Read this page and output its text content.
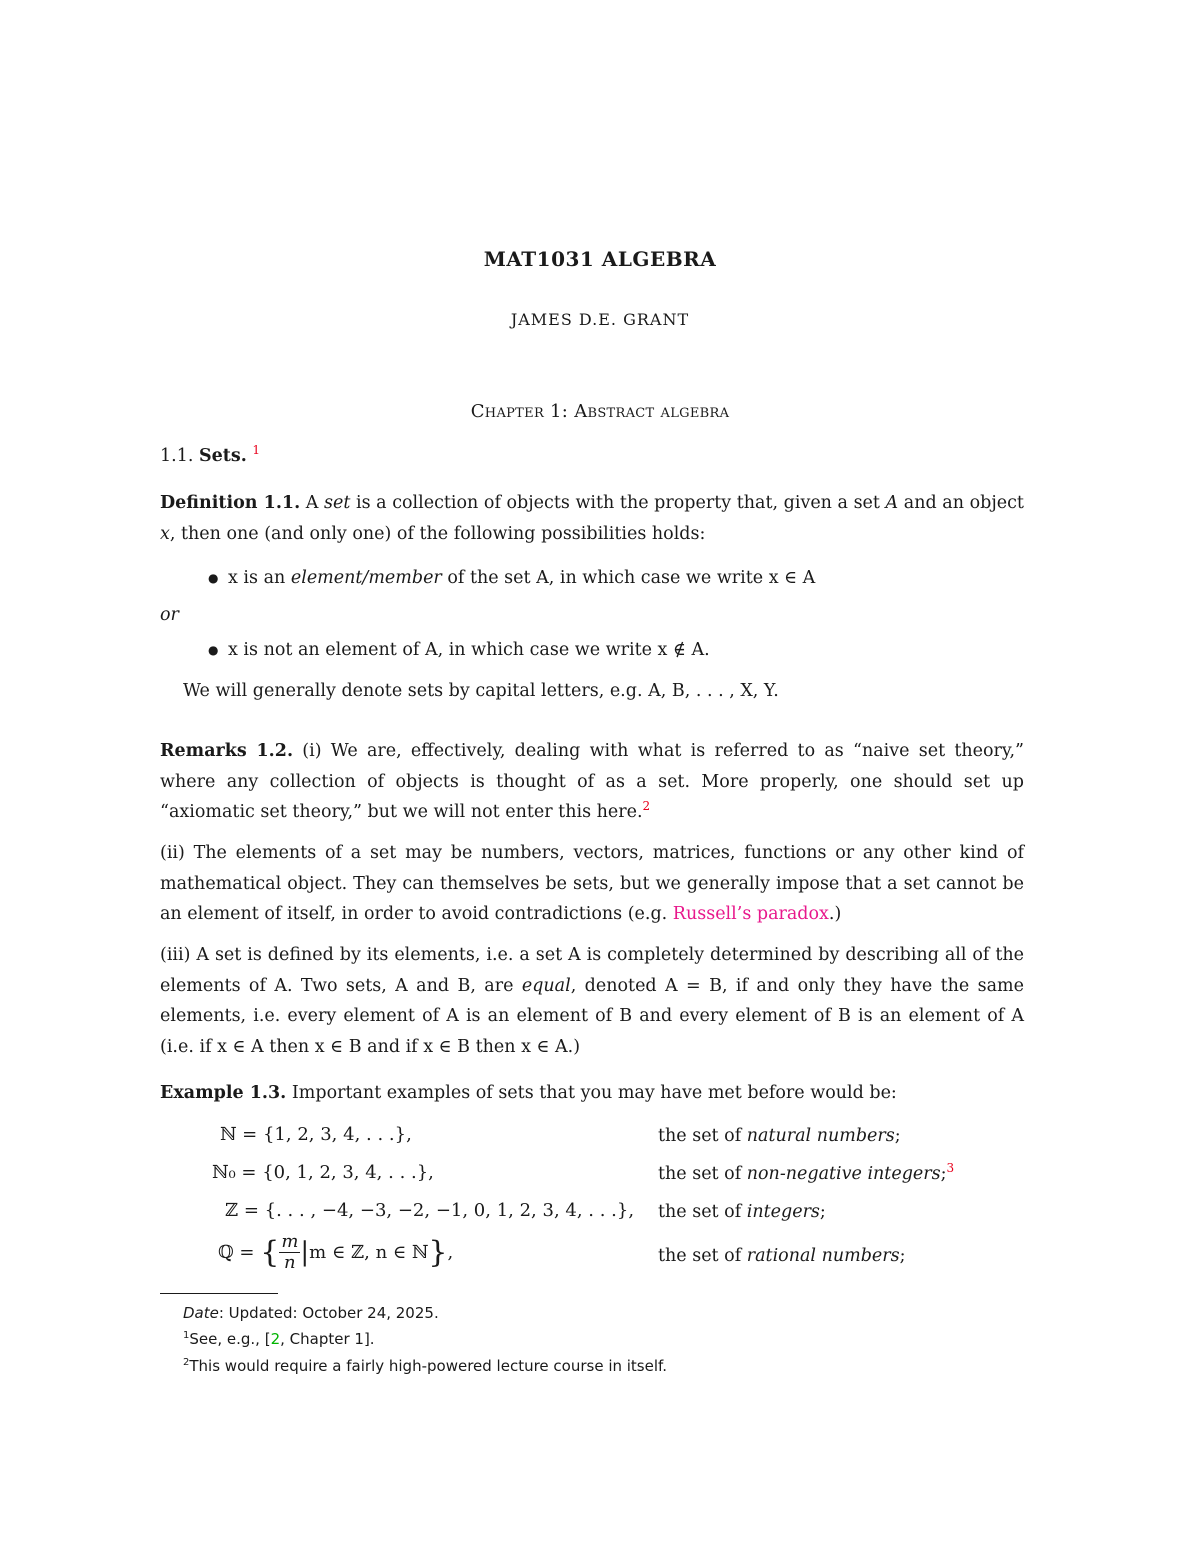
MAT1031 ALGEBRA
JAMES D.E. GRANT
Chapter 1: Abstract algebra
1.1. Sets. $^1$
Definition 1.1. A set is a collection of objects with the property that, given a set A and an object x, then one (and only one) of the following possibilities holds:
● x is an element/member of the set A, in which case we write x ∈ A
or
● x is not an element of A, in which case we write x ∉ A.
We will generally denote sets by capital letters, e.g. A, B, . . . , X, Y.
Remarks 1.2. (i) We are, effectively, dealing with what is referred to as “naive set theory,” where any collection of objects is thought of as a set. More properly, one should set up “axiomatic set theory,” but we will not enter this here.$^2$
(ii) The elements of a set may be numbers, vectors, matrices, functions or any other kind of mathematical object. They can themselves be sets, but we generally impose that a set cannot be an element of itself, in order to avoid contradictions (e.g. Russell’s paradox.)
(iii) A set is defined by its elements, i.e. a set A is completely determined by describing all of the elements of A. Two sets, A and B, are equal, denoted A = B, if and only they have the same elements, i.e. every element of A is an element of B and every element of B is an element of A (i.e. if x ∈ A then x ∈ B and if x ∈ B then x ∈ A.)
Example 1.3. Important examples of sets that you may have met before would be:
ℕ = {1, 2, 3, 4, . . .},	the set of natural numbers;
ℕ₀ = {0, 1, 2, 3, 4, . . .},	the set of non-negative integers;$^3$
ℤ = {. . . , −4, −3, −2, −1, 0, 1, 2, 3, 4, . . .}, the set of integers;
ℚ = { $\frac{m}{n} |m$ ∈ ℤ, n ∈ ℕ},	the set of rational numbers;
Date: Updated: October 24, 2025.
$^1$See, e.g., [2, Chapter 1].
$^2$This would require a fairly high-powered lecture course in itself.
